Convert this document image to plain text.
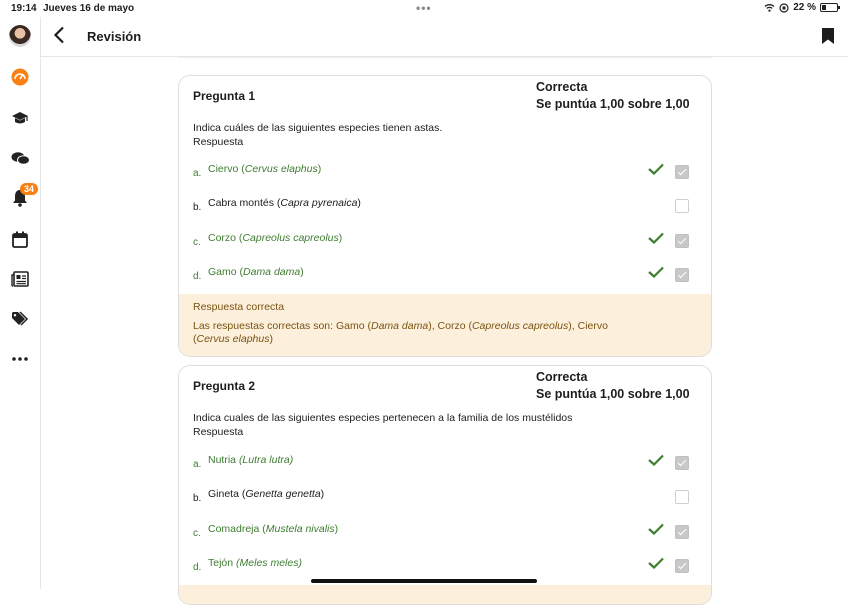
19:14 Jueves 16 de mayo	•••	22 %
34
Revisión
Pregunta 1
Correcta
Se puntúa 1,00 sobre 1,00
Indica cuáles de las siguientes especies tienen astas.
Respuesta
a. Ciervo (Cervus elaphus)
b. Cabra montés (Capra pyrenaica)
c. Corzo (Capreolus capreolus)
d. Gamo (Dama dama)
Respuesta correcta
Las respuestas correctas son: Gamo (Dama dama), Corzo (Capreolus capreolus), Ciervo
(Cervus elaphus)
Pregunta 2
Correcta
Se puntúa 1,00 sobre 1,00
Indica cuales de las siguientes especies pertenecen a la familia de los mustélidos
Respuesta
a. Nutria (Lutra lutra)
b. Gineta (Genetta genetta)
c. Comadreja (Mustela nivalis)
d. Tejón (Meles meles)
